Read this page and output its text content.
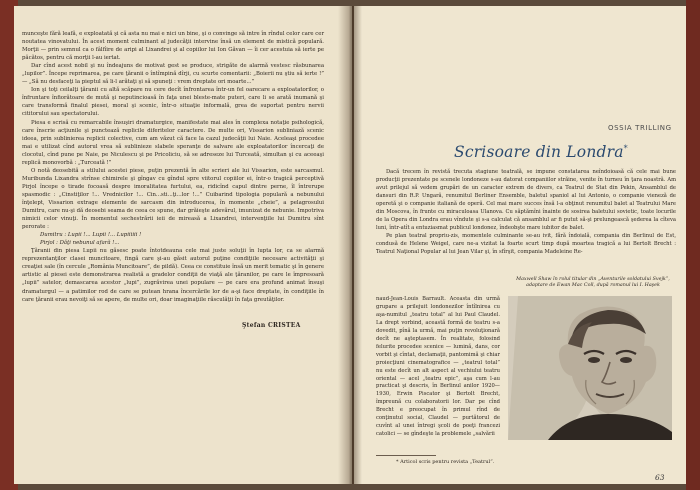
munceşte fără leafă, e exploatată şi că asta nu mai e nici un bine, şi o convinge să intre în rîndul celor care cer noutatea vinovatului. În acest moment culminant al judecăţii intervine însă un element de mistică populară. Morţii — prin semnul ca o fâlfîire de aripi al Lixandrei şi al copiilor lui Ion Găvan — îi cer acestuia să ierte pe păcătos, pentru că morţii l-au iertat.

Dar cînd acest nobil şi nu îndeajuns de motivat gest se produce, strigăte de alarmă vestesc răsbunarea „lupilor”. Începe reprimarea, pe care ţăranii o întîmpină dîrji, cu scurte comentarii: „Boierii nu ştiu să ierte !” — „Să nu desfaceţi la pieptul să li-l arătaţi şi să spuneţi : vrem dreptate ori moarte...”

Ion şi toţi ceilalţi ţăranii cu altă scăpare nu cere decît înfrontarea într-un fel oarecare a exploatatorilor, o înfruntare înfiorătoare de mută şi neputincioasă în faţa unei bleste-mate puteri, care li se arată inumană şi care transformă finalul piesei, moral şi scenic, într-o situaţie informală, grea de suportat pentru nervii cititorului sau spectatorului.

Piesa e scrisă cu remarcabile însuşiri dramaturgice, manifestate mai ales în complexa notaţie psihologică, care înscrie acţiunile şi punctează replicile diferitelor caractere. De multe ori, Vissarion subliniază scenic ideea, prin sublinierea replicii colective, cum am văzut că face la cazul judecăţii lui Naie. Aceleaşi procedee mai e utilizat cînd autorul vrea să sublinieze slabele speranţe de salvare ale exploatatorilor încercaţi de clocotul, cînd pune pe Naie, pe Niculescu şi pe Pricoliciu, să se adreseze lui Turceată, simultan şi cu aceeaşi replică monovorbă : „Turceată !”

O notă deosebită a stilului acestei piese, puţin prezentă în alte scrieri ale lui Vissarion, este sarcasmul. Muribunda Lixandra strînse chimirele şi gîngav cu gîndul spre viitorul copiilor ei, într-o tragică perceptivă Pirjol începe o tirade focoasă despre imoralitatea furtului, ea, ridicînd capul dintre perne, îl întrerupe spasmodic : „Cinstiţilor !... Vrednicilor !... Cin...sti...ţi...lor !...” Cuibarind tipologia populară a nebunului înţelept, Vissarion extrage elemente de sarcasm din introducerea, în momente „cheie”, a pelagrosului Dumitru, care nu-şi dă deosebi seama de ceea ce spune, dar grăieşte adevărul, imunizat de nebunie. Impotriva nimicii celor vinuţi. În momentul sechestrării ieii de mireasă a Lixandrei, intervenţiile lui Dumitru sînt perorate :

Dumitru : Lupii !... Lupii !... Lupiiiiii !

Pirjol : Dăţi nebunul afară !...

Ţăranii din piesa Lupii nu găsesc poate întotdeauna cele mai juste soluţii în lupta lor, ca se alarmă reprezentanţilor clasei muncitoare, fingă care şi-au găsit autorul puţine condiţiile necesare activităţii şi creaţiei sale (în cercule „România Muncitoare”, de pildă). Ceea ce constituie însă un merit tematic şi în genere artistic al piesei este demonstrarea realistă a gradelor condiţii de viaţă ale ţăranilor, pe care le împresoară „lupii” satelor, demascarea acestor „lupi”, zugrăvirea unei populare — pe care era profund animat însuşi dramaturgul — a patimilor rod de care se putean hrana încercările lor de a-şi face dreptate, în condiţiile în care ţăranii erau nevoiţi să se apere, de multe ori, doar imaginaţiile răsculăţii în faţa greutăţilor.

Ştefan CRISTEA
OSSIA TRILLING
Scrisoare din Londra*

Dacă trecem în revistă trecuta stagiune teatrală, se impune constatarea neîndoioasă că cele mai bune producţii prezentate pe scenele londoneze s-au datorat companiilor străine, venite în turneu în ţara noastră. Am avut prilejul să vedem grupări de un caracter extrem de divers, ca Teatrul de Stat din Pekin, Ansamblul de dansuri din R.P. Ungară, renumitul Berliner Ensemble, baletul spaniol al lui Antonio, o companie vieneză de operetă şi o companie italiană de operă. Cel mai mare succes însă l-a obţinut renumitul balet al Teatrului Mare din Moscova, în frunte cu miraculoasa Ulanova. Cu săptămîni înainte de sosirea baletului sovietic, toate locurile de la Opera din Londra erau vîndute şi s-a calculat că ansamblul ar fi putut să-şi prelungească şederea la cîteva luni, într-atît a entuziasmat publicul londonez, îndeobşte mare iubitor de balet.

Pe plan teatral propriu-zis, momentele culminante se-au ivit, fără îndoială, compania din Berlinul de Est, condusă de Helene Weigel, care ne-a vizitat la foarte scurt timp după moartea tragică a lui Bertolt Brecht : Teatrul Naţional Popular al lui Jean Vilar şi, în sfîrşit, compania Madeleine Re-

naud-Jean-Louis Barrault. Aceasta din urmă grupare a prilejuit londonezilor întîlnirea cu aşa-numitul „teatru total” al lui Paul Claudel. La drept vorbind, această formă de teatru s-a dovedit, pînă la urmă, mai puţin revoluţionară decît ne aşteptasem. În realitate, folosind felurite procedee scenice — lumină, dans, cor vorbit şi cîntat, declamaţii, pantomimă şi chiar proiecţiuni cinematografice — „teatrul total” nu este decît un alt aspect al vechiului teatru oriental — acel „teatru epic”, aşa cum l-au practicat şi descris, în Berlinul anilor 1920—1930, Erwin Piscator şi Bertolt Brecht, împreună cu colaboratorii lor. Dar pe cînd Brecht e preocupat în primul rînd de conţinutul social, Claudel — purtătorul de cuvînt al unei întregi şcoli de poeţi francezi catolici — se gîndeşte la problemele „salvării

Maxwell Shaw în rolul titular din „Aventurile soldatului Svejk”, adaptare de Ewan Mac Coll, după romanul lui I. Haşek
* Articol scris pentru revista „Teatrul”.
63
